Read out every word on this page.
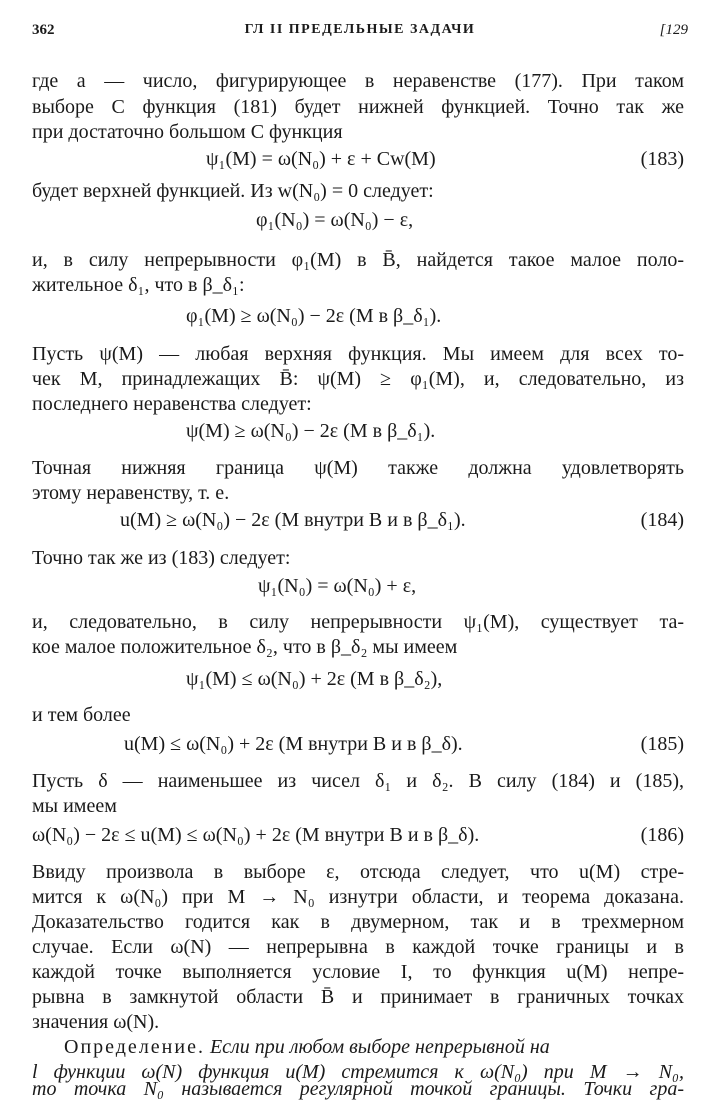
362	ГЛ II ПРЕДЕЛЬНЫЕ ЗАДАЧИ	[129
где a — число, фигурирующее в неравенстве (177). При таком
выборе C функция (181) будет нижней функцией. Точно так же
при достаточно большом C функция
ψ₁(M) = ω(N₀) + ε + Cw(M)	(183)
будет верхней функцией. Из w(N₀) = 0 следует:
φ₁(N₀) = ω(N₀) − ε,
и, в силу непрерывности φ₁(M) в B̄, найдется такое малое поло-
жительное δ₁, что в β_δ₁:
φ₁(M) ≥ ω(N₀) − 2ε (M в β_δ₁).
Пусть ψ(M) — любая верхняя функция. Мы имеем для всех то-
чек M, принадлежащих B̄: ψ(M) ≥ φ₁(M), и, следовательно, из
последнего неравенства следует:
ψ(M) ≥ ω(N₀) − 2ε (M в β_δ₁).
Точная нижняя граница ψ(M) также должна удовлетворять
этому неравенству, т. е.
u(M) ≥ ω(N₀) − 2ε (M внутри B и в β_δ₁).	(184)
Точно так же из (183) следует:
ψ₁(N₀) = ω(N₀) + ε,
и, следовательно, в силу непрерывности ψ₁(M), существует та-
кое малое положительное δ₂, что в β_δ₂ мы имеем
ψ₁(M) ≤ ω(N₀) + 2ε (M в β_δ₂),
и тем более
u(M) ≤ ω(N₀) + 2ε (M внутри B и в β_δ).	(185)
Пусть δ — наименьшее из чисел δ₁ и δ₂. В силу (184) и (185),
мы имеем
ω(N₀) − 2ε ≤ u(M) ≤ ω(N₀) + 2ε (M внутри B и в β_δ).	(186)
Ввиду произвола в выборе ε, отсюда следует, что u(M) стре-
мится к ω(N₀) при M → N₀ изнутри области, и теорема доказана.
Доказательство годится как в двумерном, так и в трехмерном
случае. Если ω(N) — непрерывна в каждой точке границы и в
каждой точке выполняется условие I, то функция u(M) непре-
рывна в замкнутой области B̄ и принимает в граничных точках
значения ω(N).
Определение. Если при любом выборе непрерывной на
l функции ω(N) функция u(M) стремится к ω(N₀) при M → N₀,
то точка N₀ называется регулярной точкой границы. Точки гра-
